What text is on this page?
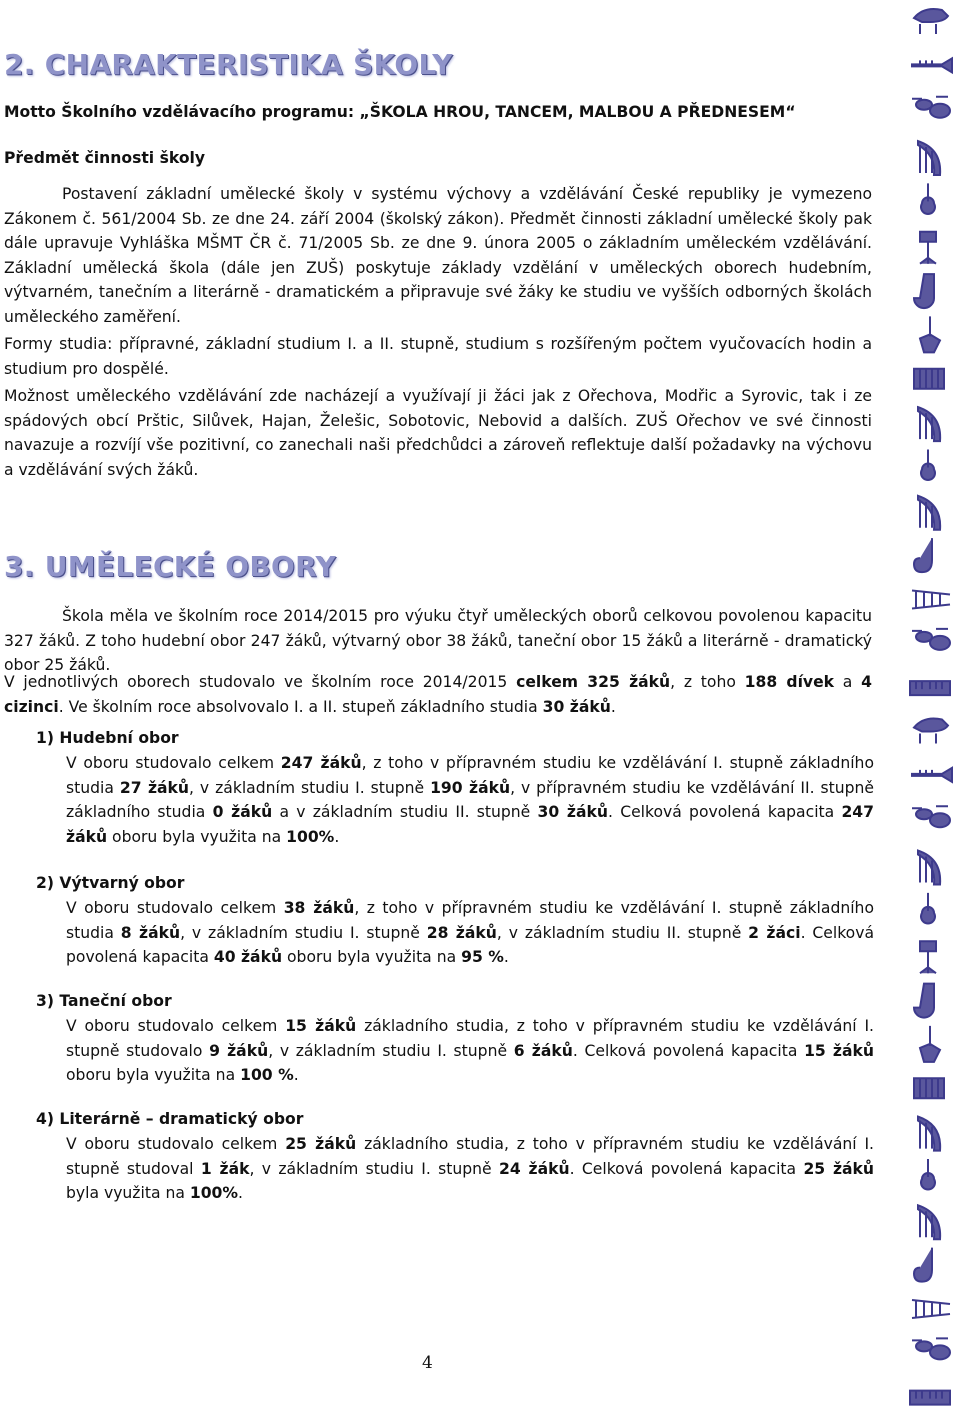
2. CHARAKTERISTIKA ŠKOLY

Motto Školního vzdělávacího programu: „ŠKOLA HROU, TANCEM, MALBOU A PŘEDNESEM“

Předmět činnosti školy

Postavení základní umělecké školy v systému výchovy a vzdělávání České republiky je vymezeno Zákonem č. 561/2004 Sb. ze dne 24. září 2004 (školský zákon). Předmět činnosti základní umělecké školy pak dále upravuje Vyhláška MŠMT ČR č. 71/2005 Sb. ze dne 9. února 2005 o základním uměleckém vzdělávání. Základní umělecká škola (dále jen ZUŠ) poskytuje základy vzdělání v uměleckých oborech hudebním, výtvarném, tanečním a literárně - dramatickém a připravuje své žáky ke studiu ve vyšších odborných školách uměleckého zaměření.

Formy studia: přípravné, základní studium I. a II. stupně, studium s rozšířeným počtem vyučovacích hodin a studium pro dospělé.

Možnost uměleckého vzdělávání zde nacházejí a využívají ji žáci jak z Ořechova, Modřic a Syrovic, tak i ze spádových obcí Prštic, Silůvek, Hajan, Želešic, Sobotovic, Nebovid a dalších. ZUŠ Ořechov ve své činnosti navazuje a rozvíjí vše pozitivní, co zanechali naši předchůdci a zároveň reflektuje další požadavky na výchovu a vzdělávání svých žáků.

3. UMĚLECKÉ OBORY

Škola měla ve školním roce 2014/2015 pro výuku čtyř uměleckých oborů celkovou povolenou kapacitu 327 žáků. Z toho hudební obor 247 žáků, výtvarný obor 38 žáků, taneční obor 15 žáků a literárně - dramatický obor 25 žáků.

V jednotlivých oborech studovalo ve školním roce 2014/2015 celkem 325 žáků, z toho 188 dívek a 4 cizinci. Ve školním roce absolvovalo I. a II. stupeň základního studia 30 žáků.

1) Hudební obor

V oboru studovalo celkem 247 žáků, z toho v přípravném studiu ke vzdělávání I. stupně základního studia 27 žáků, v základním studiu I. stupně 190 žáků, v přípravném studiu ke vzdělávání II. stupně základního studia 0 žáků a v základním studiu II. stupně 30 žáků. Celková povolená kapacita 247 žáků oboru byla využita na 100%.

2) Výtvarný obor

V oboru studovalo celkem 38 žáků, z toho v přípravném studiu ke vzdělávání I. stupně základního studia 8 žáků, v základním studiu I. stupně 28 žáků, v základním studiu II. stupně 2 žáci. Celková povolená kapacita 40 žáků oboru byla využita na 95 %.

3) Taneční obor

V oboru studovalo celkem 15 žáků základního studia, z toho v přípravném studiu ke vzdělávání I. stupně studovalo 9 žáků, v základním studiu I. stupně 6 žáků. Celková povolená kapacita 15 žáků oboru byla využita na 100 %.

4) Literárně – dramatický obor

V oboru studovalo celkem 25 žáků základního studia, z toho v přípravném studiu ke vzdělávání I. stupně studoval 1 žák, v základním studiu I. stupně 24 žáků. Celková povolená kapacita 25 žáků byla využita na 100%.

4
